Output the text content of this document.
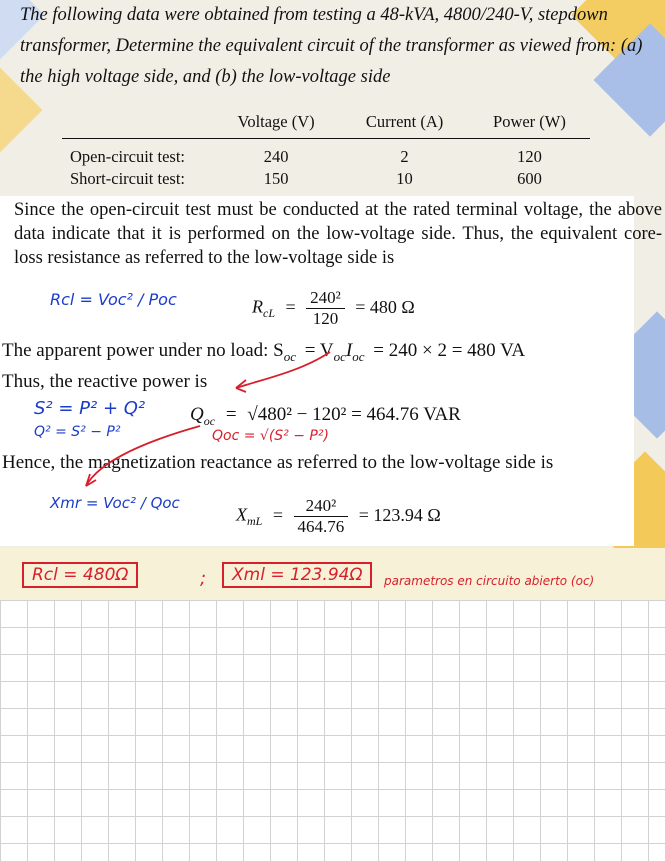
The following data were obtained from testing a 48-kVA, 4800/240-V, stepdown transformer, Determine the equivalent circuit of the transformer as viewed from: (a) the high voltage side, and (b) the low-voltage side
	Voltage (V)	Current (A)	Power (W)
Open-circuit test:	240	2	120
Short-circuit test:	150	10	600
Since the open-circuit test must be conducted at the rated terminal voltage, the above data indicate that it is performed on the low-voltage side. Thus, the equivalent core-loss resistance as referred to the low-voltage side is
$R_{cL} = \frac{\text{240²}}{120} = 480$ Ω
The apparent power under no load: $S_{oc} = V_{oc}I_{oc} = 240 \times 2 = 480$ VA
Thus, the reactive power is
$Q_{oc} = √480^2 - 120^2 = 464.76$ VAR
Hence, the magnetization reactance as referred to the low-voltage side is
$X_{mL} = \frac{\text{240²}}{464.76} = 123.94$ Ω
Rcl = Voc² / Poc
S² = P² + Q²
Q² = S² − P²	Qoc = √(S² − P²)
Xmr = Voc² / Qoc
Rcl = 480Ω	;	Xml = 123.94Ω	parametros en circuito abierto (oc)
